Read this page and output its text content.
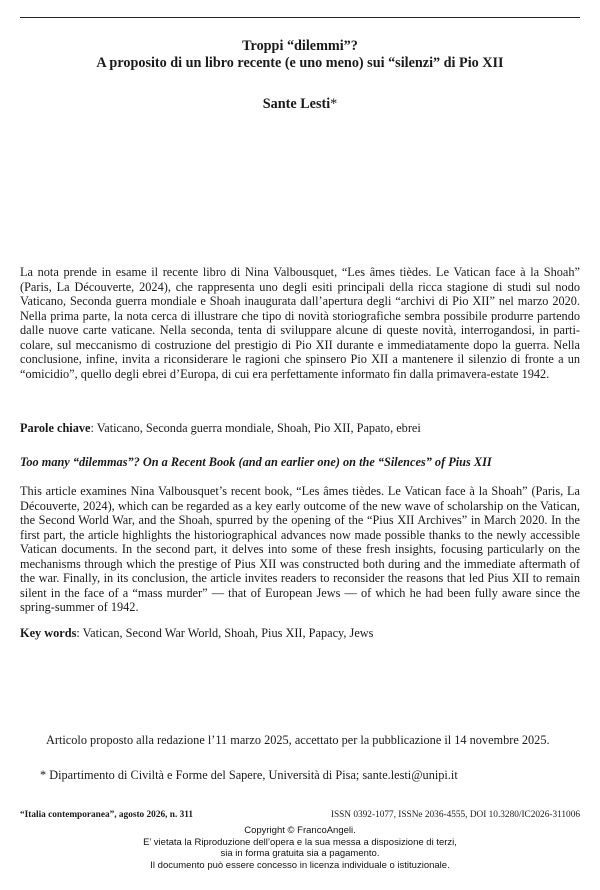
Troppi “dilemmi”?
A proposito di un libro recente (e uno meno) sui “silenzi” di Pio XII
Sante Lesti*
La nota prende in esame il recente libro di Nina Valbousquet, “Les âmes tièdes. Le Vatican face à la Shoah” (Paris, La Découverte, 2024), che rappresenta uno degli esiti principali della ricca stagione di studi sul nodo Vaticano, Seconda guerra mondiale e Shoah inaugurata dall’apertura degli “archivi di Pio XII” nel marzo 2020. Nella prima parte, la nota cerca di illustrare che tipo di novità storiografiche sembra possibile produrre partendo dalle nuove carte vaticane. Nella seconda, tenta di sviluppare alcune di queste novità, interrogandosi, in particolare, sul meccanismo di costruzione del prestigio di Pio XII durante e immediatamente dopo la guerra. Nella conclusione, infine, invita a riconsiderare le ragioni che spinsero Pio XII a mantenere il silenzio di fronte a un “omicidio”, quello degli ebrei d’Europa, di cui era perfettamente informato fin dalla primavera-estate 1942.
Parole chiave: Vaticano, Seconda guerra mondiale, Shoah, Pio XII, Papato, ebrei
Too many “dilemmas”? On a Recent Book (and an earlier one) on the “Silences” of Pius XII
This article examines Nina Valbousquet’s recent book, “Les âmes tièdes. Le Vatican face à la Shoah” (Paris, La Découverte, 2024), which can be regarded as a key early outcome of the new wave of scholarship on the Vatican, the Second World War, and the Shoah, spurred by the opening of the “Pius XII Archives” in March 2020. In the first part, the article highlights the historiographical advances now made possible thanks to the newly accessible Vatican documents. In the second part, it delves into some of these fresh insights, focusing particularly on the mechanisms through which the prestige of Pius XII was constructed both during and the immediate aftermath of the war. Finally, in its conclusion, the article invites readers to reconsider the reasons that led Pius XII to remain silent in the face of a “mass murder” — that of European Jews — of which he had been fully aware since the spring-summer of 1942.
Key words: Vatican, Second War World, Shoah, Pius XII, Papacy, Jews
Articolo proposto alla redazione l’11 marzo 2025, accettato per la pubblicazione il 14 novembre 2025.
* Dipartimento di Civiltà e Forme del Sapere, Università di Pisa; sante.lesti@unipi.it
“Italia contemporanea”, agosto 2026, n. 311	ISSN 0392-1077, ISSNe 2036-4555, DOI 10.3280/IC2026-311006
Copyright © FrancoAngeli.
E’ vietata la Riproduzione dell’opera e la sua messa a disposizione di terzi,
sia in forma gratuita sia a pagamento.
Il documento può essere concesso in licenza individuale o istituzionale.
